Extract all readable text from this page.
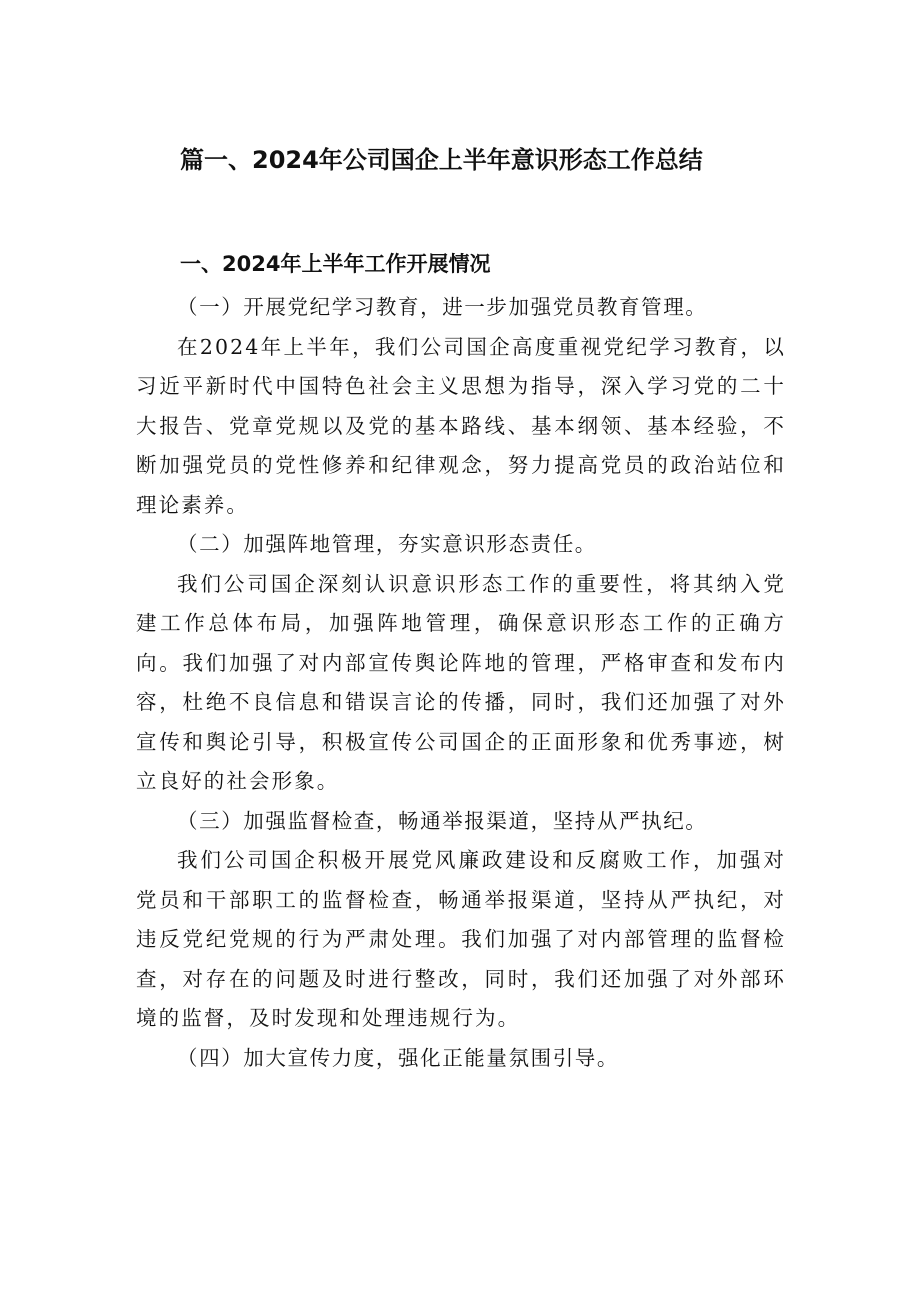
篇一、2024年公司国企上半年意识形态工作总结
一、2024年上半年工作开展情况

（一）开展党纪学习教育，进一步加强党员教育管理。

在2024年上半年，我们公司国企高度重视党纪学习教育，以习近平新时代中国特色社会主义思想为指导，深入学习党的二十大报告、党章党规以及党的基本路线、基本纲领、基本经验，不断加强党员的党性修养和纪律观念，努力提高党员的政治站位和理论素养。

（二）加强阵地管理，夯实意识形态责任。

我们公司国企深刻认识意识形态工作的重要性，将其纳入党建工作总体布局，加强阵地管理，确保意识形态工作的正确方向。我们加强了对内部宣传舆论阵地的管理，严格审查和发布内容，杜绝不良信息和错误言论的传播，同时，我们还加强了对外宣传和舆论引导，积极宣传公司国企的正面形象和优秀事迹，树立良好的社会形象。

（三）加强监督检查，畅通举报渠道，坚持从严执纪。

我们公司国企积极开展党风廉政建设和反腐败工作，加强对党员和干部职工的监督检查，畅通举报渠道，坚持从严执纪，对违反党纪党规的行为严肃处理。我们加强了对内部管理的监督检查，对存在的问题及时进行整改，同时，我们还加强了对外部环境的监督，及时发现和处理违规行为。

（四）加大宣传力度，强化正能量氛围引导。
